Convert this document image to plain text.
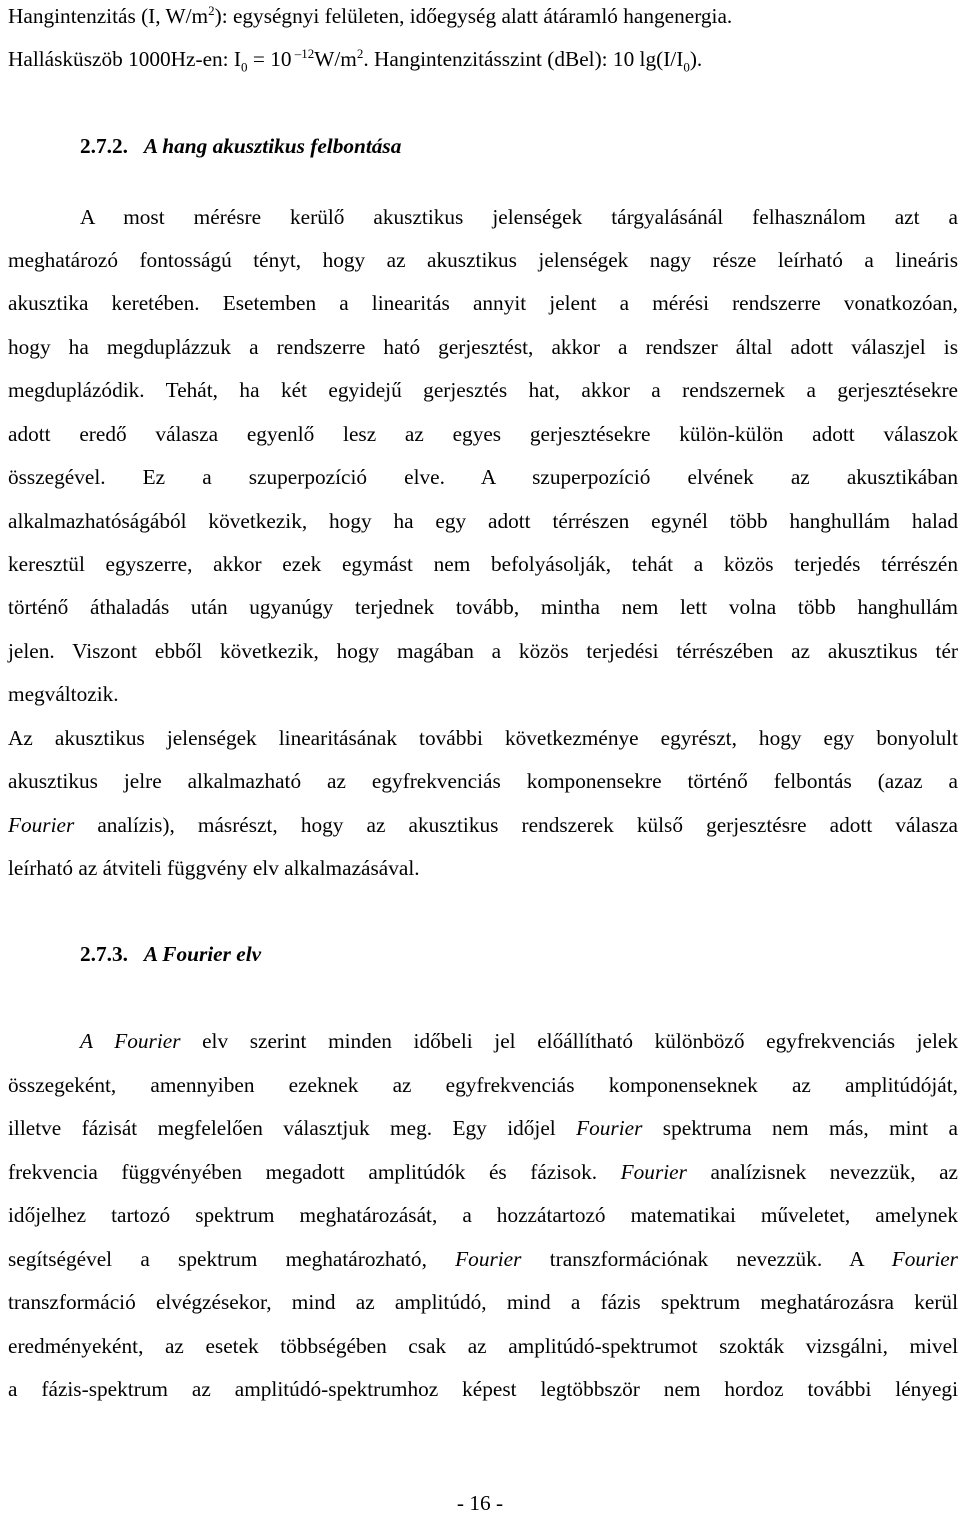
Hangintenzitás (I, $W/m^2$): egységnyi felületen, időegység alatt átáramló hangenergia.
Hallásküszöb 1000Hz-en: $I_0 = 10$ $^{-12}W/m^2$. Hangintenzitásszint (dBel): 10 $\lg(I/I_0)$.
2.7.2. A hang akusztikus felbontása
A most mérésre kerülő akusztikus jelenségek tárgyalásánál felhasználom azt a
meghatározó fontosságú tényt, hogy az akusztikus jelenségek nagy része leírható a lineáris
akusztika keretében. Esetemben a linearitás annyit jelent a mérési rendszerre vonatkozóan,
hogy ha megduplázzuk a rendszerre ható gerjesztést, akkor a rendszer által adott válaszjel is
megduplázódik. Tehát, ha két egyidejű gerjesztés hat, akkor a rendszernek a gerjesztésekre
adott eredő válasza egyenlő lesz az egyes gerjesztésekre külön-külön adott válaszok
összegével. Ez a szuperpozíció elve. A szuperpozíció elvének az akusztikában
alkalmazhatóságából következik, hogy ha egy adott térrészen egynél több hanghullám halad
keresztül egyszerre, akkor ezek egymást nem befolyásolják, tehát a közös terjedés térrészén
történő áthaladás után ugyanúgy terjednek tovább, mintha nem lett volna több hanghullám
jelen. Viszont ebből következik, hogy magában a közös terjedési térrészében az akusztikus tér
megváltozik.
Az akusztikus jelenségek linearitásának további következménye egyrészt, hogy egy bonyolult
akusztikus jelre alkalmazható az egyfrekvenciás komponensekre történő felbontás (azaz a
Fourier analízis), másrészt, hogy az akusztikus rendszerek külső gerjesztésre adott válasza
leírható az átviteli függvény elv alkalmazásával.
2.7.3. A Fourier elv
A Fourier elv szerint minden időbeli jel előállítható különböző egyfrekvenciás jelek
összegeként, amennyiben ezeknek az egyfrekvenciás komponenseknek az amplitúdóját,
illetve fázisát megfelelően választjuk meg. Egy időjel Fourier spektruma nem más, mint a
frekvencia függvényében megadott amplitúdók és fázisok. Fourier analízisnek nevezzük, az
időjelhez tartozó spektrum meghatározását, a hozzátartozó matematikai műveletet, amelynek
segítségével a spektrum meghatározható, Fourier transzformációnak nevezzük. A Fourier
transzformáció elvégzésekor, mind az amplitúdó, mind a fázis spektrum meghatározásra kerül
eredményeként, az esetek többségében csak az amplitúdó-spektrumot szokták vizsgálni, mivel
a fázis-spektrum az amplitúdó-spektrumhoz képest legtöbbször nem hordoz további lényegi
- 16 -
